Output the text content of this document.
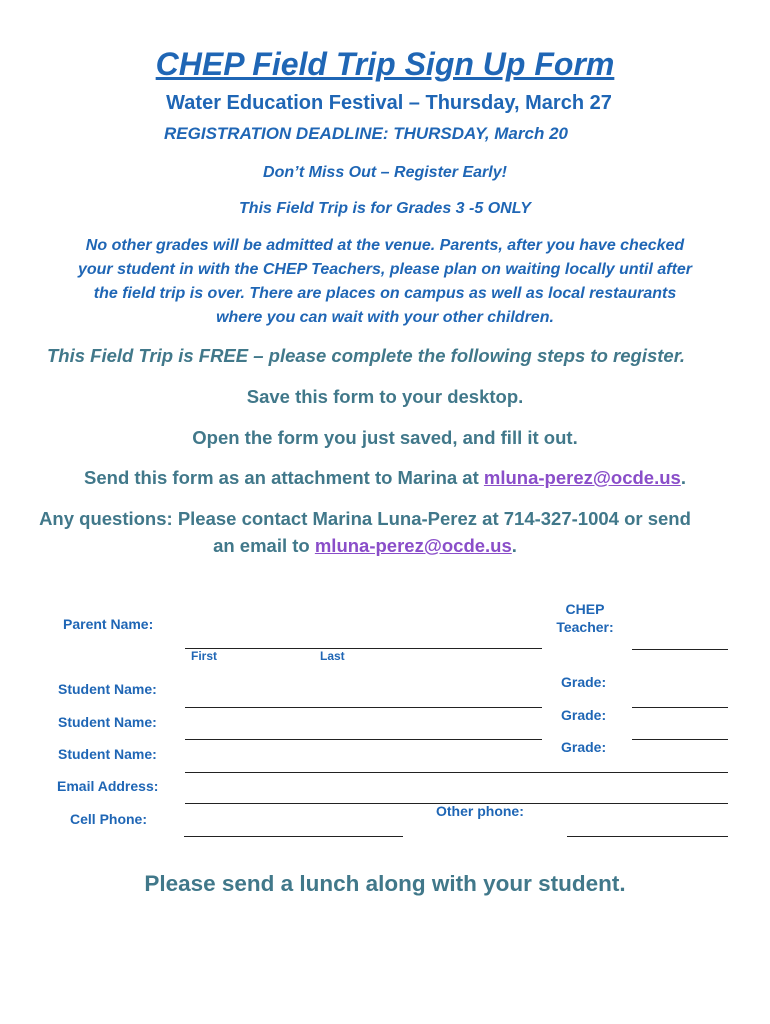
CHEP Field Trip Sign Up Form
Water Education Festival – Thursday, March 27
REGISTRATION DEADLINE: THURSDAY, March 20
Don’t Miss Out – Register Early!
This Field Trip is for Grades 3 -5 ONLY
No other grades will be admitted at the venue. Parents, after you have checked
your student in with the CHEP Teachers, please plan on waiting locally until after
the field trip is over. There are places on campus as well as local restaurants
where you can wait with your other children.
This Field Trip is FREE – please complete the following steps to register.
Save this form to your desktop.
Open the form you just saved, and fill it out.
Send this form as an attachment to Marina at mluna-perez@ocde.us.
Any questions: Please contact Marina Luna-Perez at 714-327-1004 or send
an email to mluna-perez@ocde.us.
Parent Name:
First	Last
CHEP
Teacher:
Student Name:	Grade:
Student Name:	Grade:
Student Name:	Grade:
Email Address:
Cell Phone:	Other phone:
Please send a lunch along with your student.
